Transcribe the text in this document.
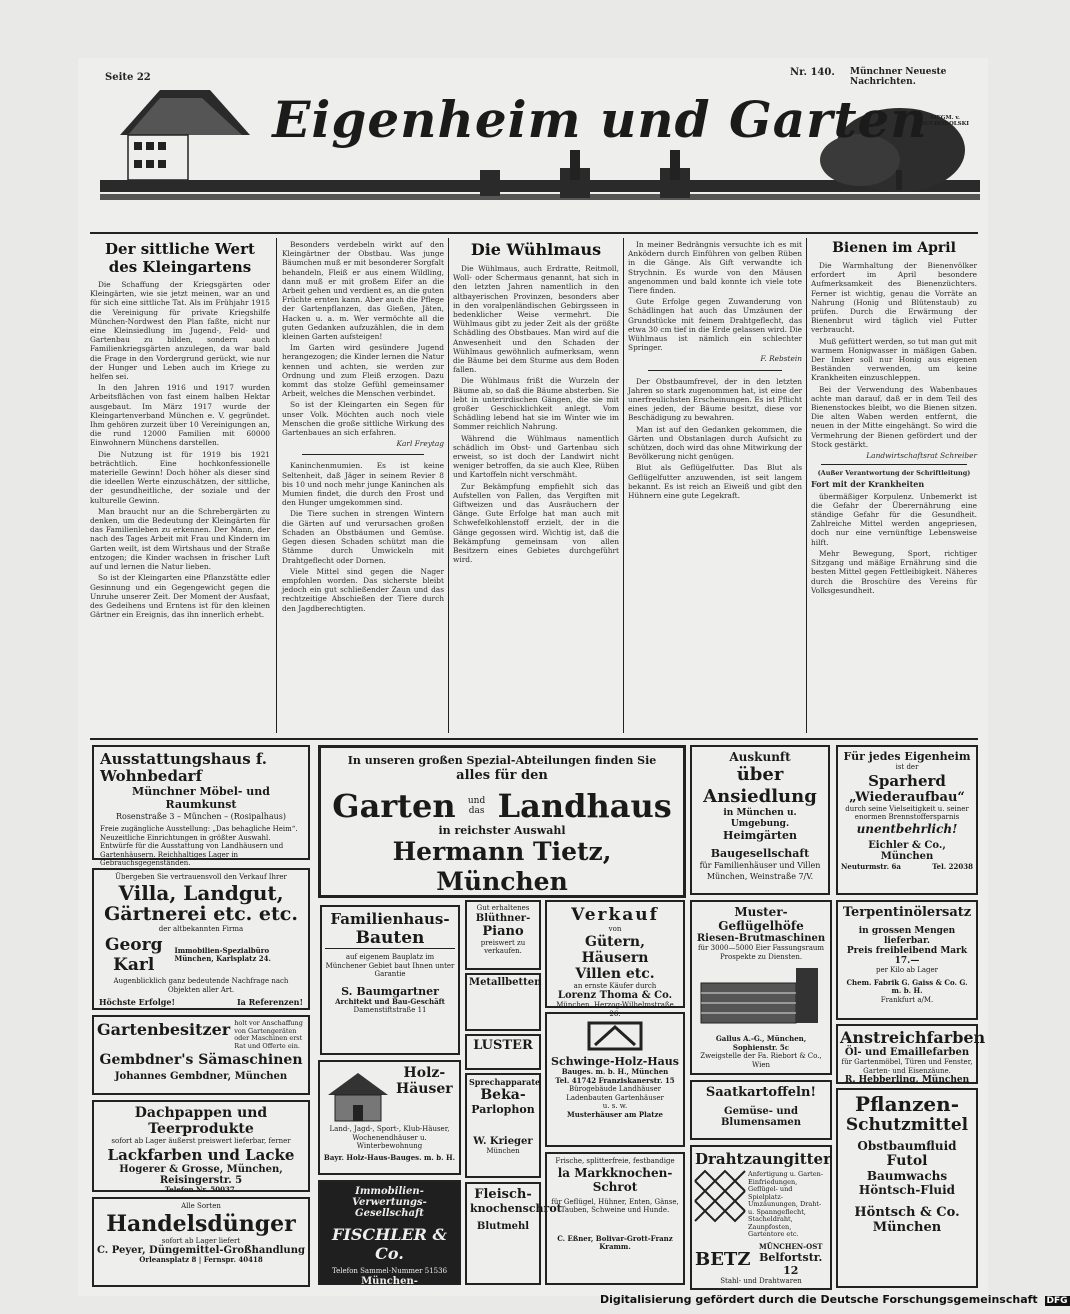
Seite 22	Nr. 140. Münchner Neueste Nachrichten.
Eigenheim und Garten SIEGM. v. SUCHODOLSKI
Der sittliche Wert des Kleingartens

Die Schaffung der Kriegsgärten oder Kleingärten, wie sie jetzt meinen, war an und für sich eine sittliche Tat. Als im Frühjahr 1915 die Vereinigung für private Kriegshilfe München-Nordwest den Plan faßte, nicht nur eine Kleinsiedlung im Jugend-, Feld- und Gartenbau zu bilden, sondern auch Familienkriegsgärten anzulegen, da war bald die Frage in den Vordergrund gerückt, wie nur der Hunger und Leben auch im Kriege zu helfen sei.

In den Jahren 1916 und 1917 wurden Arbeitsflächen von fast einem halben Hektar ausgebaut. Im März 1917 wurde der Kleingartenverband München e. V. gegründet. Ihm gehören zurzeit über 10 Vereinigungen an, die rund 12000 Familien mit 60000 Einwohnern Münchens darstellen.

Die Nutzung ist für 1919 bis 1921 beträchtlich. Eine hochkonfessionelle materielle Gewinn! Doch höher als dieser sind die ideellen Werte einzuschätzen, der sittliche, der gesundheitliche, der soziale und der kulturelle Gewinn.

Man braucht nur an die Schrebergärten zu denken, um die Bedeutung der Kleingärten für das Familienleben zu erkennen. Der Mann, der nach des Tages Arbeit mit Frau und Kindern im Garten weilt, ist dem Wirtshaus und der Straße entzogen; die Kinder wachsen in frischer Luft auf und lernen die Natur lieben.

So ist der Kleingarten eine Pflanzstätte edler Gesinnung und ein Gegengewicht gegen die Unruhe unserer Zeit. Der Moment der Ausfaat, des Gedeihens und Erntens ist für den kleinen Gärtner ein Ereignis, das ihn innerlich erhebt.

Besonders verdebeln wirkt auf den Kleingärtner der Obstbau. Was junge Bäumchen muß er mit besonderer Sorgfalt behandeln, Fleiß er aus einem Wildling, dann muß er mit großem Eifer an die Arbeit gehen und verdient es, an die guten Früchte ernten kann. Aber auch die Pflege der Gartenpflanzen, das Gießen, Jäten, Hacken u. a. m. Wer vermöchte all die guten Gedanken aufzuzählen, die in dem kleinen Garten aufsteigen!

Im Garten wird gesündere Jugend herangezogen; die Kinder lernen die Natur kennen und achten, sie werden zur Ordnung und zum Fleiß erzogen. Dazu kommt das stolze Gefühl gemeinsamer Arbeit, welches die Menschen verbindet.

So ist der Kleingarten ein Segen für unser Volk. Möchten auch noch viele Menschen die große sittliche Wirkung des Gartenbaues an sich erfahren.

Karl Freytag

Kaninchenmumien. Es ist keine Seltenheit, daß Jäger in seinem Revier 8 bis 10 und noch mehr junge Kaninchen als Mumien findet, die durch den Frost und den Hunger umgekommen sind.

Die Tiere suchen in strengen Wintern die Gärten auf und verursachen großen Schaden an Obstbäumen und Gemüse. Gegen diesen Schaden schützt man die Stämme durch Umwickeln mit Drahtgeflecht oder Dornen.

Viele Mittel sind gegen die Nager empfohlen worden. Das sicherste bleibt jedoch ein gut schließender Zaun und das rechtzeitige Abschießen der Tiere durch den Jagdberechtigten.

Die Wühlmaus

Die Wühlmaus, auch Erdratte, Reitmoll, Woll- oder Schermaus genannt, hat sich in den letzten Jahren namentlich in den altbayerischen Provinzen, besonders aber in den voralpenländischen Gebirgsseen in bedenklicher Weise vermehrt. Die Wühlmaus gibt zu jeder Zeit als der größte Schädling des Obstbaues. Man wird auf die Anwesenheit und den Schaden der Wühlmaus gewöhnlich aufmerksam, wenn die Bäume bei dem Sturme aus dem Boden fallen.

Die Wühlmaus frißt die Wurzeln der Bäume ab, so daß die Bäume absterben. Sie lebt in unterirdischen Gängen, die sie mit großer Geschicklichkeit anlegt. Vom Schädling lebend hat sie im Winter wie im Sommer reichlich Nahrung.

Während die Wühlmaus namentlich schädlich im Obst- und Gartenbau sich erweist, so ist doch der Landwirt nicht weniger betroffen, da sie auch Klee, Rüben und Kartoffeln nicht verschmäht.

Zur Bekämpfung empfiehlt sich das Aufstellen von Fallen, das Vergiften mit Giftweizen und das Ausräuchern der Gänge. Gute Erfolge hat man auch mit Schwefelkohlenstoff erzielt, der in die Gänge gegossen wird. Wichtig ist, daß die Bekämpfung gemeinsam von allen Besitzern eines Gebietes durchgeführt wird.

In meiner Bedrängnis versuchte ich es mit Anködern durch Einführen von gelben Rüben in die Gänge. Als Gift verwandte ich Strychnin. Es wurde von den Mäusen angenommen und bald konnte ich viele tote Tiere finden.

Gute Erfolge gegen Zuwanderung von Schädlingen hat auch das Umzäunen der Grundstücke mit feinem Drahtgeflecht, das etwa 30 cm tief in die Erde gelassen wird. Die Wühlmaus ist nämlich ein schlechter Springer.

F. Rebstein

Der Obstbaumfrevel, der in den letzten Jahren so stark zugenommen hat, ist eine der unerfreulichsten Erscheinungen. Es ist Pflicht eines jeden, der Bäume besitzt, diese vor Beschädigung zu bewahren.

Man ist auf den Gedanken gekommen, die Gärten und Obstanlagen durch Aufsicht zu schützen, doch wird das ohne Mitwirkung der Bevölkerung nicht genügen.

Blut als Geflügelfutter. Das Blut als Geflügelfutter anzuwenden, ist seit langem bekannt. Es ist reich an Eiweiß und gibt den Hühnern eine gute Legekraft.

Bienen im April

Die Warmhaltung der Bienenvölker erfordert im April besondere Aufmerksamkeit des Bienenzüchters. Ferner ist wichtig, genau die Vorräte an Nahrung (Honig und Blütenstaub) zu prüfen. Durch die Erwärmung der Bienenbrut wird täglich viel Futter verbraucht.

Muß gefüttert werden, so tut man gut mit warmem Honigwasser in mäßigen Gaben. Der Imker soll nur Honig aus eigenen Beständen verwenden, um keine Krankheiten einzuschleppen.

Bei der Verwendung des Wabenbaues achte man darauf, daß er in dem Teil des Bienenstockes bleibt, wo die Bienen sitzen. Die alten Waben werden entfernt, die neuen in der Mitte eingehängt. So wird die Vermehrung der Bienen gefördert und der Stock gestärkt.

Landwirtschaftsrat Schreiber
(Außer Verantwortung der Schriftleitung)
Fort mit der Krankheiten

übermäßiger Korpulenz. Unbemerkt ist die Gefahr der Überernährung eine ständige Gefahr für die Gesundheit. Zahlreiche Mittel werden angepriesen, doch nur eine vernünftige Lebensweise hilft.

Mehr Bewegung, Sport, richtiger Sitzgang und mäßige Ernährung sind die besten Mittel gegen Fettleibigkeit. Näheres durch die Broschüre des Vereins für Volksgesundheit.

Ausstattungshaus f. Wohnbedarf
Münchner Möbel- und Raumkunst
Rosenstraße 3 – München – (Rosipalhaus)
Freie zugängliche Ausstellung: „Das behagliche Heim“. Neuzeitliche Einrichtungen in größter Auswahl. Entwürfe für die Ausstattung von Landhäusern und Gartenhäusern. Reichhaltiges Lager in Gebrauchsgegenständen.
Übergeben Sie vertrauensvoll den Verkauf Ihrer
Villa, Landgut,
Gärtnerei etc. etc.
der altbekannten Firma
Georg Karl
Immobilien-Spezialbüro München, Karlsplatz 24.
Augenblicklich ganz bedeutende Nachfrage nach Objekten aller Art.
Höchste Erfolge!	Ia Referenzen!
In unseren großen Spezial-Abteilungen finden Sie
alles für den
Garten	und das Landhaus
in reichster Auswahl
Hermann Tietz, München
Auskunft
über Ansiedlung
in München u. Umgebung.
Heimgärten
Baugesellschaft
für Familienhäuser und Villen
München, Weinstraße 7/V.
Für jedes Eigenheim
ist der
Sparherd
„Wiederaufbau“
durch seine Vielseitigkeit u. seiner enormen Brennstoffersparnis
unentbehrlich!
Eichler & Co., München
Neuturmstr. 6a	Tel. 22038
Familienhaus-
Bauten
auf eigenem Bauplatz im Münchener Gebiet baut Ihnen unter Garantie
S. Baumgartner
Architekt und Bau-Geschäft
Damenstiftstraße 11
Gut erhaltenes
Blüthner-
Piano
preiswert zu verkaufen.
Metallbetten
LUSTER
Sprechapparate
Beka-
Parlophon
W. Krieger
München
Verkauf
von
Gütern, Häusern
Villen etc.
an ernste Käufer durch
Lorenz Thoma & Co.
München, Herzog-Wilhelmstraße 26.
Schwinge-Holz-Haus
Bauges. m. b. H., München
Tel. 41742 Franziskanerstr. 15
Bürogebäude Landhäuser
Ladenbauten Gartenhäuser
u. s. w.
Musterhäuser am Platze
Muster-Geflügelhöfe
Riesen-Brutmaschinen
für 3000—5000 Eier Fassungsraum
Prospekte zu Diensten.
Gallus A.-G., München, Sophienstr. 5c
Zweigstelle der Fa. Riebort & Co., Wien
Terpentinölersatz
in grossen Mengen lieferbar.
Preis freibleibend Mark 17.—
per Kilo ab Lager
Chem. Fabrik G. Gaiss & Co. G. m. b. H.
Frankfurt a/M.
Anstreichfarben
Öl- und Emaillefarben
für Gartenmöbel, Türen und Fenster, Garten- und Eisenzäune.
R. Hebberling, München
Saatkartoffeln!
Gemüse- und Blumensamen
Drahtzaungitter
Anfertigung u. Garten-Einfriedungen, Geflügel- und Spielplatz-Umzäunungen, Draht- u. Spanngeflecht, Stacheldraht, Zaunpfosten, Gartentore etc.
BETZ
MÜNCHEN-OST
Belfortstr. 12
Stahl- und Drahtwaren
Pflanzen-
Schutzmittel
Obstbaumfluid
Futol
Baumwachs
Höntsch-Fluid
Höntsch & Co. München
Gartenbesitzer holt vor Anschaffung von Gartengeräten oder Maschinen erst Rat und Offerte ein.
Gembdner's Sämaschinen
Johannes Gembdner, München	Holz-
Häuser
Land-, Jagd-, Sport-, Klub-Häuser, Wochenendhäuser u. Winterbewohnung
Bayr. Holz-Haus-Bauges. m. b. H.
Dachpappen und Teerprodukte
sofort ab Lager äußerst preiswert lieferbar, ferner
Lackfarben und Lacke
Hogerer & Grosse, München, Reisingerstr. 5
Telefon Nr. 50037.
Alle Sorten
Handelsdünger
sofort ab Lager liefert
C. Peyer, Düngemittel-Großhandlung
Orleansplatz 8 | Fernspr. 40418
Immobilien-Verwertungs-
Gesellschaft
FISCHLER & Co.
Telefon Sammel-Nummer 51536
München-Prielmayerstr.
Fleisch-
knochenschrot
Blutmehl
Frische, splitterfreie, festbandige
la Markknochen-Schrot
für Geflügel, Hühner, Enten, Gänse, Tauben, Schweine und Hunde.
C. Eßner, Bolivar-Grott-Franz Kramm.
Digitalisierung gefördert durch die Deutsche Forschungsgemeinschaft DFG
